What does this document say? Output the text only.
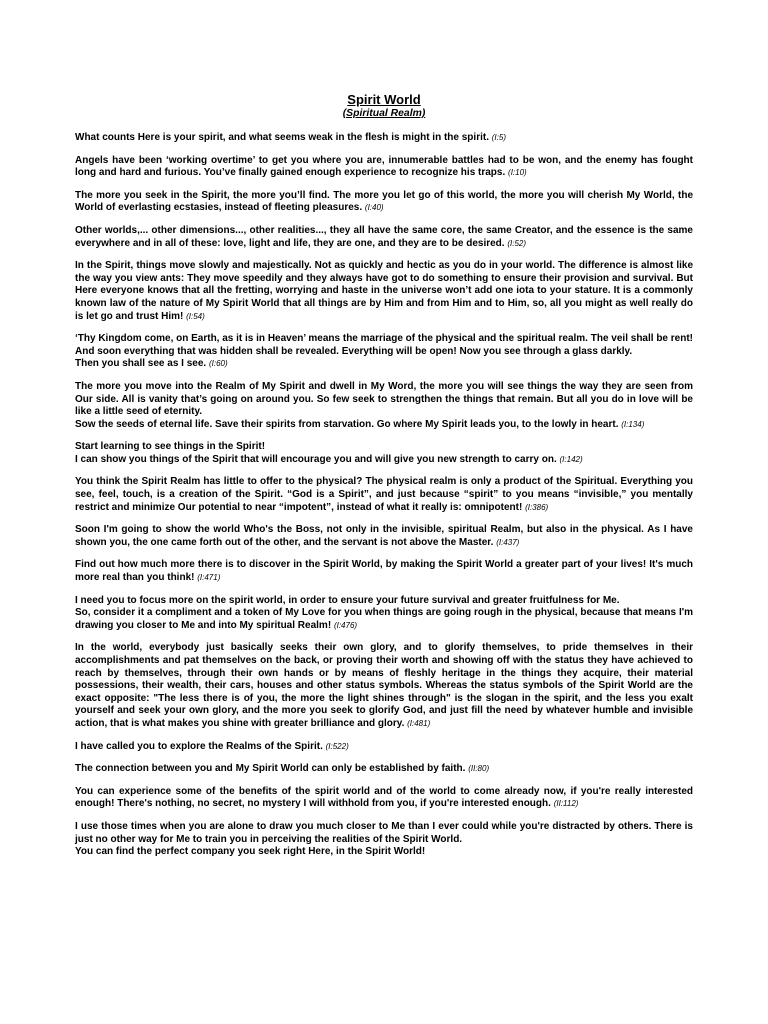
Spirit World
(Spiritual Realm)

What counts Here is your spirit, and what seems weak in the flesh is might in the spirit. (I:5)

Angels have been ‘working overtime’ to get you where you are, innumerable battles had to be won, and the enemy has fought long and hard and furious. You’ve finally gained enough experience to recognize his traps. (I:10)

The more you seek in the Spirit, the more you’ll find. The more you let go of this world, the more you will cherish My World, the World of everlasting ecstasies, instead of fleeting pleasures. (I:40)

Other worlds,... other dimensions..., other realities..., they all have the same core, the same Creator, and the essence is the same everywhere and in all of these: love, light and life, they are one, and they are to be desired. (I:52)

In the Spirit, things move slowly and majestically. Not as quickly and hectic as you do in your world. The difference is almost like the way you view ants: They move speedily and they always have got to do something to ensure their provision and survival. But Here everyone knows that all the fretting, worrying and haste in the universe won’t add one iota to your stature. It is a commonly known law of the nature of My Spirit World that all things are by Him and from Him and to Him, so, all you might as well really do is let go and trust Him! (I:54)

‘Thy Kingdom come, on Earth, as it is in Heaven’ means the marriage of the physical and the spiritual realm. The veil shall be rent! And soon everything that was hidden shall be revealed. Everything will be open! Now you see through a glass darkly.
Then you shall see as I see. (I:60)

The more you move into the Realm of My Spirit and dwell in My Word, the more you will see things the way they are seen from Our side. All is vanity that’s going on around you. So few seek to strengthen the things that remain. But all you do in love will be like a little seed of eternity.
Sow the seeds of eternal life. Save their spirits from starvation. Go where My Spirit leads you, to the lowly in heart. (I:134)

Start learning to see things in the Spirit!
I can show you things of the Spirit that will encourage you and will give you new strength to carry on. (I:142)

You think the Spirit Realm has little to offer to the physical? The physical realm is only a product of the Spiritual. Everything you see, feel, touch, is a creation of the Spirit. “God is a Spirit”, and just because “spirit” to you means “invisible,” you mentally restrict and minimize Our potential to near “impotent”, instead of what it really is: omnipotent! (I:386)

Soon I'm going to show the world Who's the Boss, not only in the invisible, spiritual Realm, but also in the physical. As I have shown you, the one came forth out of the other, and the servant is not above the Master. (I:437)

Find out how much more there is to discover in the Spirit World, by making the Spirit World a greater part of your lives! It's much more real than you think! (I:471)

I need you to focus more on the spirit world, in order to ensure your future survival and greater fruitfulness for Me.
So, consider it a compliment and a token of My Love for you when things are going rough in the physical, because that means I'm drawing you closer to Me and into My spiritual Realm! (I:476)

In the world, everybody just basically seeks their own glory, and to glorify themselves, to pride themselves in their accomplishments and pat themselves on the back, or proving their worth and showing off with the status they have achieved to reach by themselves, through their own hands or by means of fleshly heritage in the things they acquire, their material possessions, their wealth, their cars, houses and other status symbols. Whereas the status symbols of the Spirit World are the exact opposite: "The less there is of you, the more the light shines through" is the slogan in the spirit, and the less you exalt yourself and seek your own glory, and the more you seek to glorify God, and just fill the need by whatever humble and invisible action, that is what makes you shine with greater brilliance and glory. (I:481)

I have called you to explore the Realms of the Spirit. (I:522)

The connection between you and My Spirit World can only be established by faith. (II:80)

You can experience some of the benefits of the spirit world and of the world to come already now, if you're really interested enough! There's nothing, no secret, no mystery I will withhold from you, if you're interested enough. (II:112)

I use those times when you are alone to draw you much closer to Me than I ever could while you're distracted by others. There is just no other way for Me to train you in perceiving the realities of the Spirit World.
You can find the perfect company you seek right Here, in the Spirit World!
